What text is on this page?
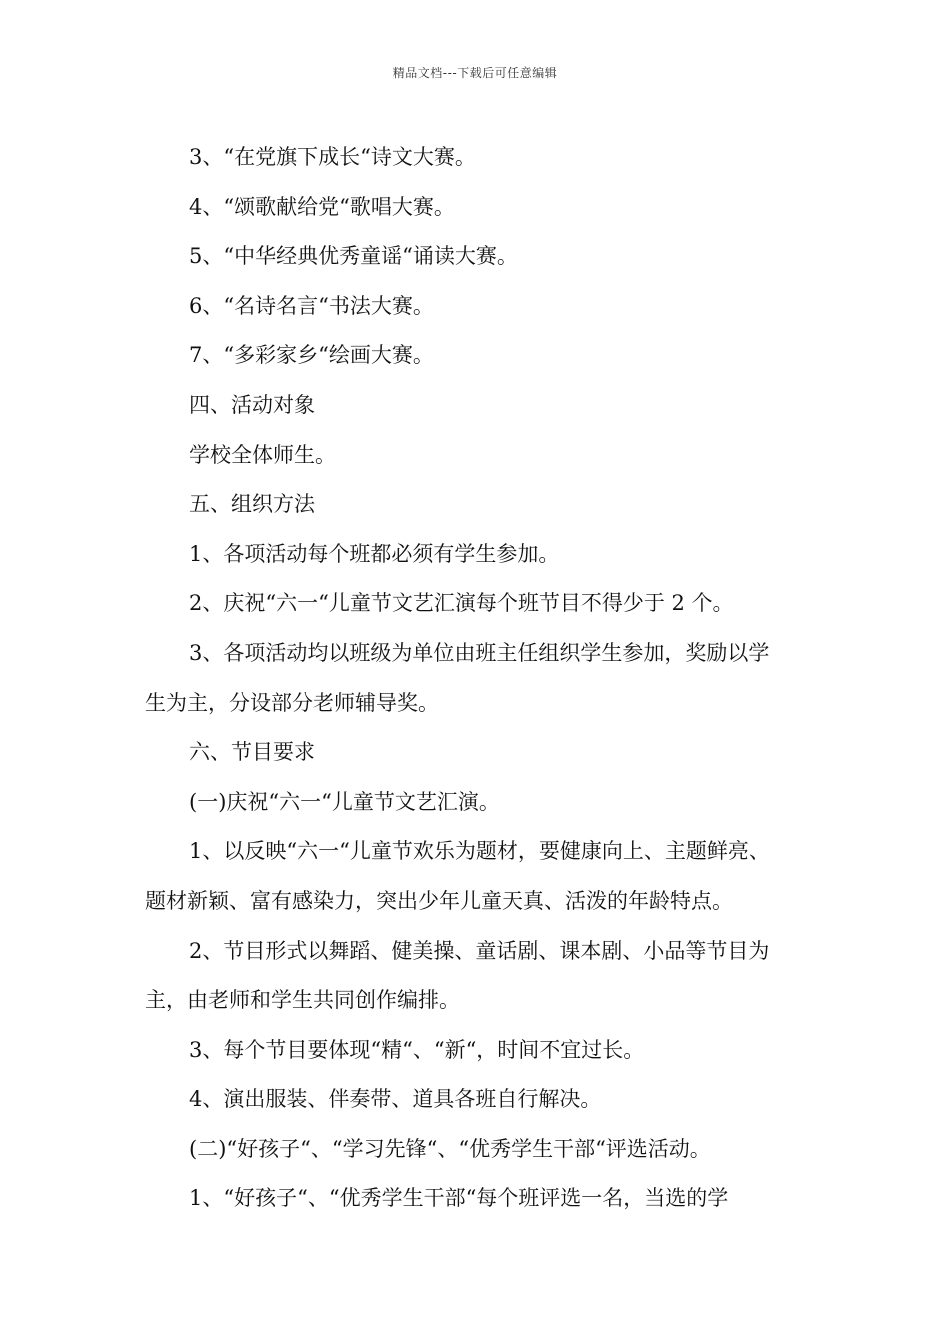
精品文档---下载后可任意编辑

3、“在党旗下成长“诗文大赛。

4、“颂歌献给党“歌唱大赛。

5、“中华经典优秀童谣“诵读大赛。

6、“名诗名言“书法大赛。

7、“多彩家乡“绘画大赛。

四、活动对象

学校全体师生。

五、组织方法

1、各项活动每个班都必须有学生参加。

2、庆祝“六一“儿童节文艺汇演每个班节目不得少于 2 个。

3、各项活动均以班级为单位由班主任组织学生参加，奖励以学

生为主，分设部分老师辅导奖。

六、节目要求

(一)庆祝“六一“儿童节文艺汇演。

1、以反映“六一“儿童节欢乐为题材，要健康向上、主题鲜亮、

题材新颖、富有感染力，突出少年儿童天真、活泼的年龄特点。

2、节目形式以舞蹈、健美操、童话剧、课本剧、小品等节目为

主，由老师和学生共同创作编排。

3、每个节目要体现“精“、“新“，时间不宜过长。

4、演出服装、伴奏带、道具各班自行解决。

(二)“好孩子“、“学习先锋“、“优秀学生干部“评选活动。

1、“好孩子“、“优秀学生干部“每个班评选一名，当选的学
